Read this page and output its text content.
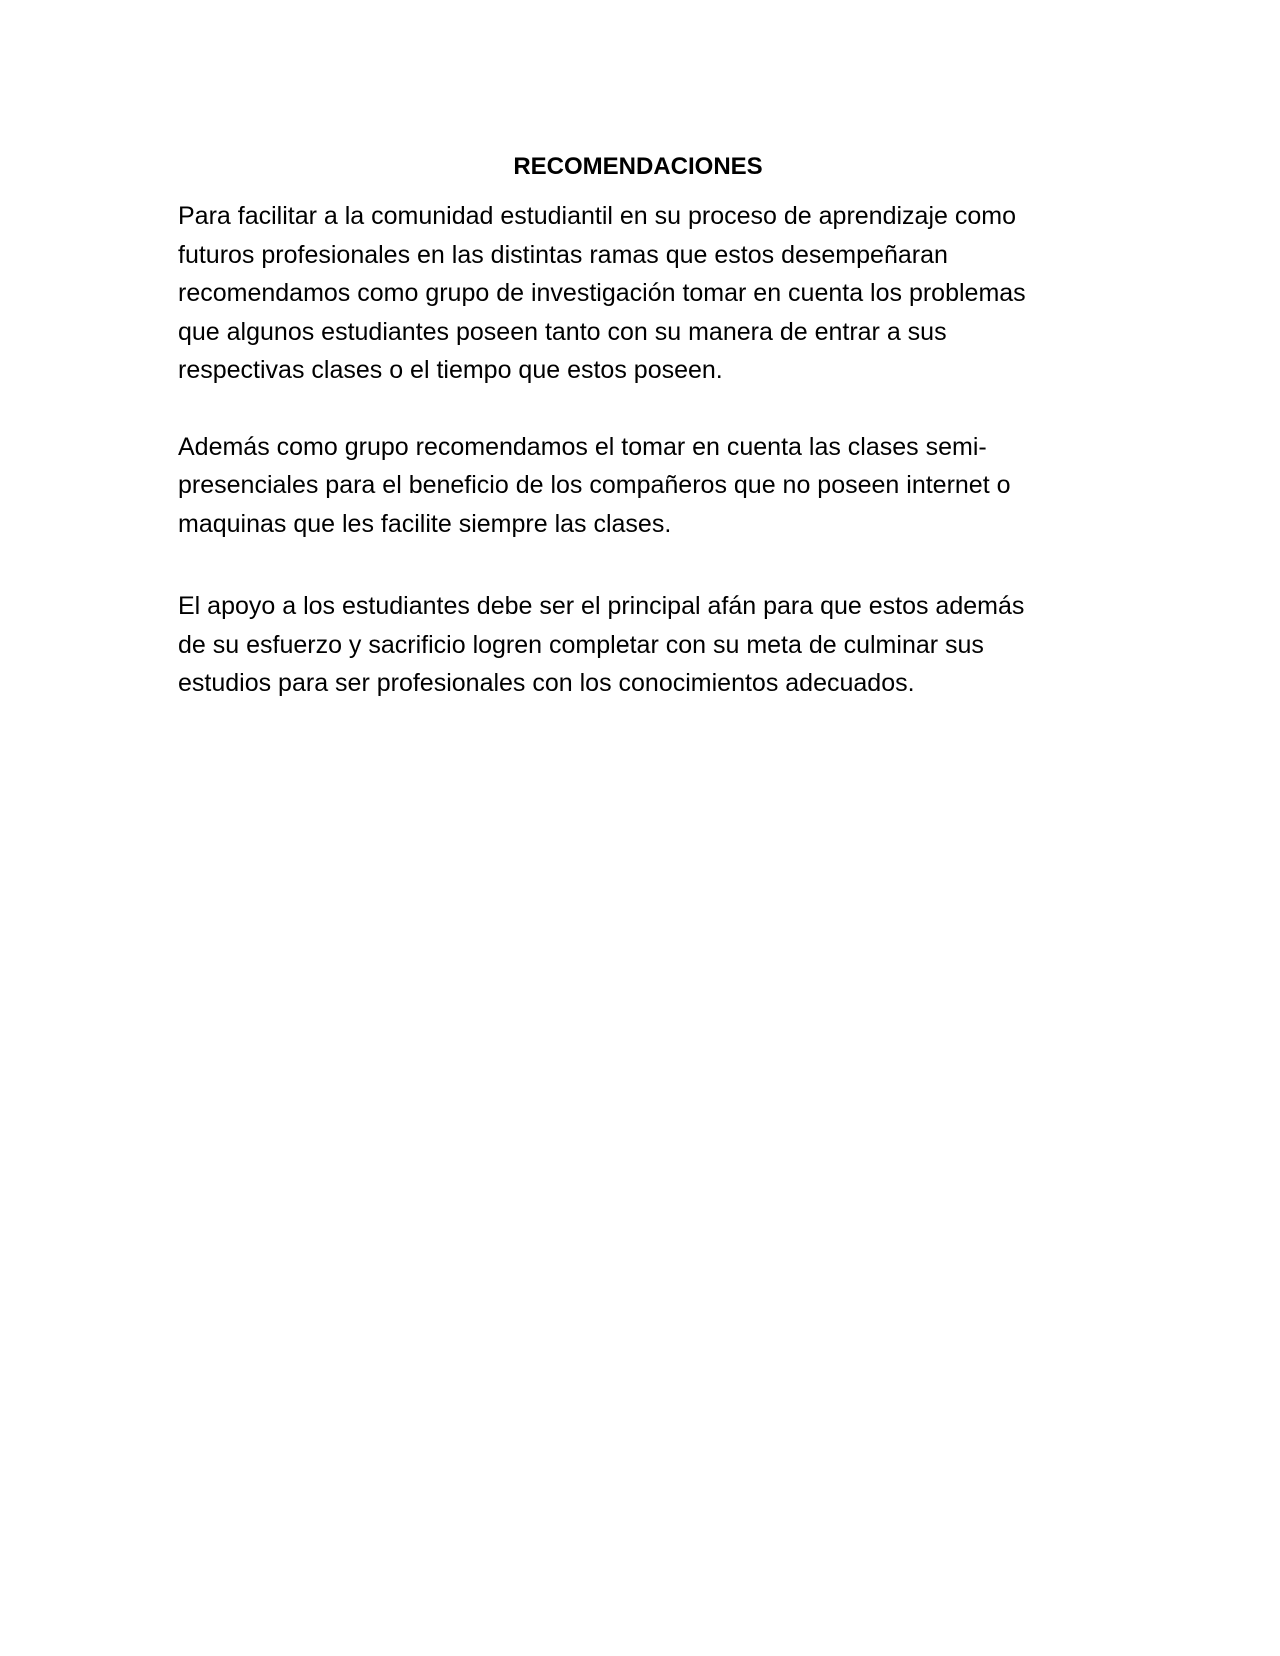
RECOMENDACIONES

Para facilitar a la comunidad estudiantil en su proceso de aprendizaje como
futuros profesionales en las distintas ramas que estos desempeñaran
recomendamos como grupo de investigación tomar en cuenta los problemas
que algunos estudiantes poseen tanto con su manera de entrar a sus
respectivas clases o el tiempo que estos poseen.

Además como grupo recomendamos el tomar en cuenta las clases semi-
presenciales para el beneficio de los compañeros que no poseen internet o
maquinas que les facilite siempre las clases.

El apoyo a los estudiantes debe ser el principal afán para que estos además
de su esfuerzo y sacrificio logren completar con su meta de culminar sus
estudios para ser profesionales con los conocimientos adecuados.
